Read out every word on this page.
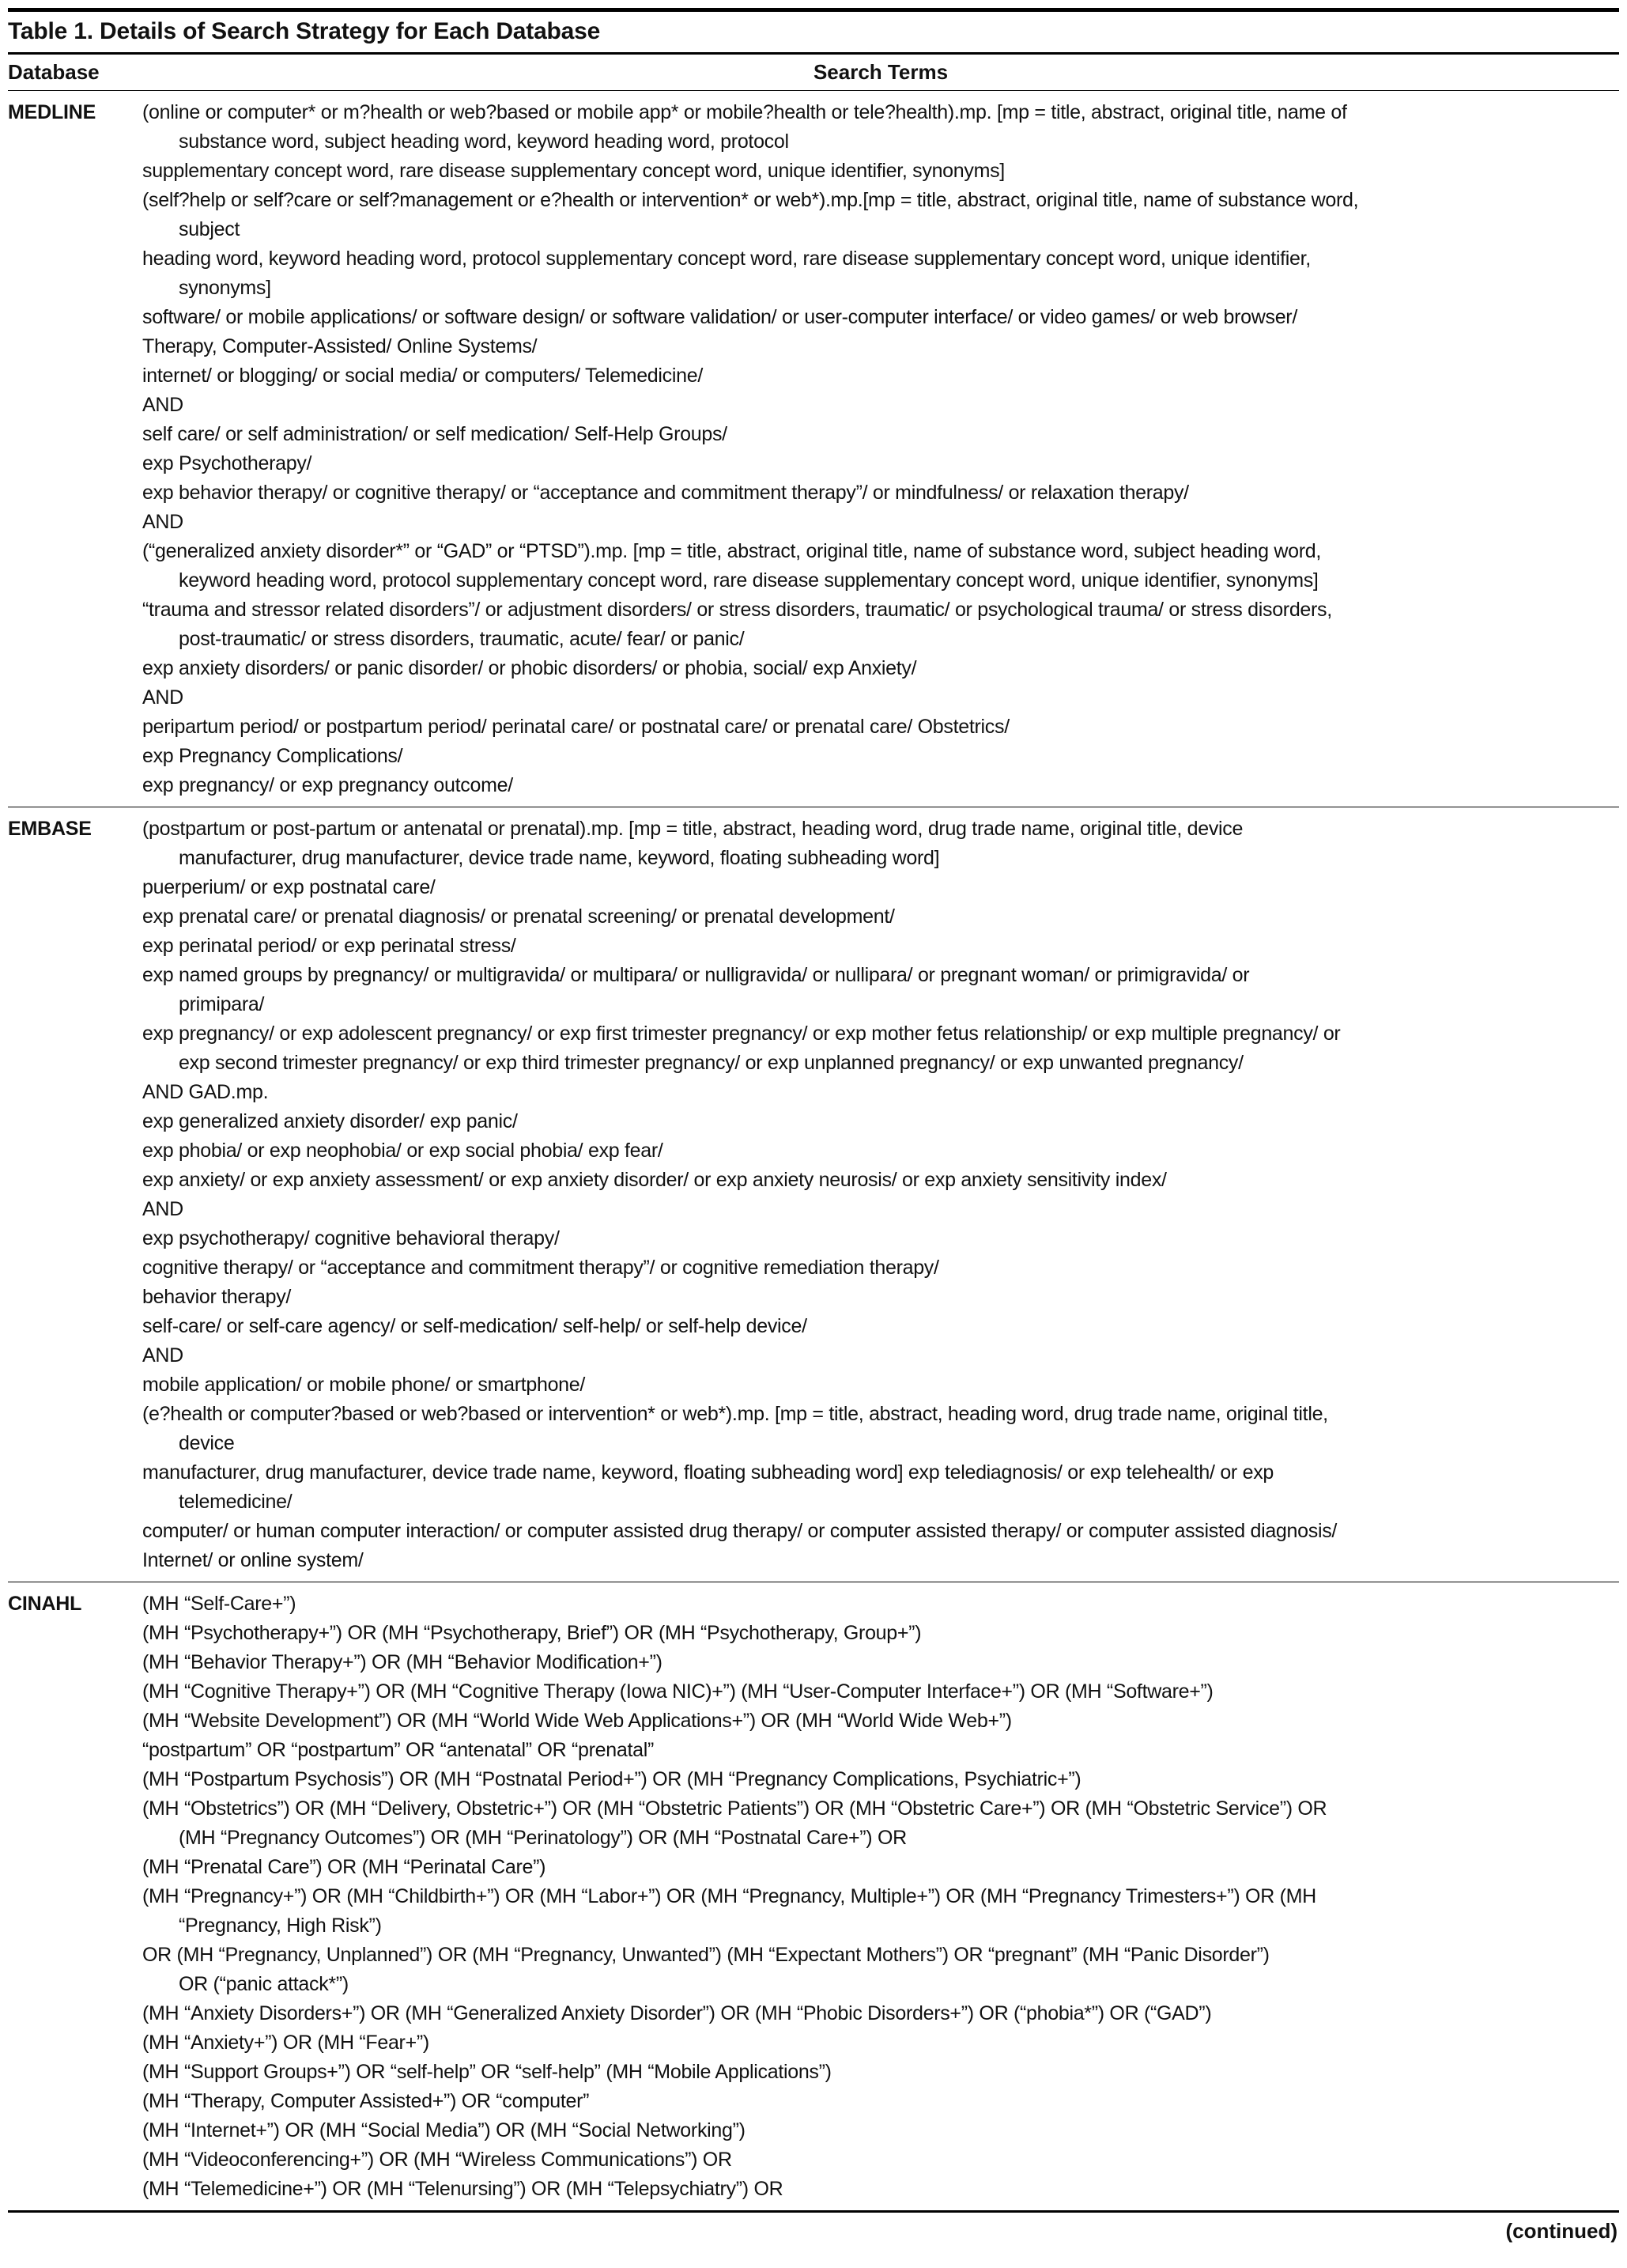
Table 1. Details of Search Strategy for Each Database
Database	Search Terms
MEDLINE	(online or computer* or m?health or web?based or mobile app* or mobile?health or tele?health).mp. [mp = title, abstract, original title, name of
substance word, subject heading word, keyword heading word, protocol
supplementary concept word, rare disease supplementary concept word, unique identifier, synonyms]
(self?help or self?care or self?management or e?health or intervention* or web*).mp.[mp = title, abstract, original title, name of substance word,
subject
heading word, keyword heading word, protocol supplementary concept word, rare disease supplementary concept word, unique identifier,
synonyms]
software/ or mobile applications/ or software design/ or software validation/ or user-computer interface/ or video games/ or web browser/
Therapy, Computer-Assisted/ Online Systems/
internet/ or blogging/ or social media/ or computers/ Telemedicine/
AND
self care/ or self administration/ or self medication/ Self-Help Groups/
exp Psychotherapy/
exp behavior therapy/ or cognitive therapy/ or “acceptance and commitment therapy”/ or mindfulness/ or relaxation therapy/
AND
(“generalized anxiety disorder*” or “GAD” or “PTSD”).mp. [mp = title, abstract, original title, name of substance word, subject heading word,
keyword heading word, protocol supplementary concept word, rare disease supplementary concept word, unique identifier, synonyms]
“trauma and stressor related disorders”/ or adjustment disorders/ or stress disorders, traumatic/ or psychological trauma/ or stress disorders,
post-traumatic/ or stress disorders, traumatic, acute/ fear/ or panic/
exp anxiety disorders/ or panic disorder/ or phobic disorders/ or phobia, social/ exp Anxiety/
AND
peripartum period/ or postpartum period/ perinatal care/ or postnatal care/ or prenatal care/ Obstetrics/
exp Pregnancy Complications/
exp pregnancy/ or exp pregnancy outcome/
EMBASE	(postpartum or post-partum or antenatal or prenatal).mp. [mp = title, abstract, heading word, drug trade name, original title, device
manufacturer, drug manufacturer, device trade name, keyword, floating subheading word]
puerperium/ or exp postnatal care/
exp prenatal care/ or prenatal diagnosis/ or prenatal screening/ or prenatal development/
exp perinatal period/ or exp perinatal stress/
exp named groups by pregnancy/ or multigravida/ or multipara/ or nulligravida/ or nullipara/ or pregnant woman/ or primigravida/ or
primipara/
exp pregnancy/ or exp adolescent pregnancy/ or exp first trimester pregnancy/ or exp mother fetus relationship/ or exp multiple pregnancy/ or
exp second trimester pregnancy/ or exp third trimester pregnancy/ or exp unplanned pregnancy/ or exp unwanted pregnancy/
AND GAD.mp.
exp generalized anxiety disorder/ exp panic/
exp phobia/ or exp neophobia/ or exp social phobia/ exp fear/
exp anxiety/ or exp anxiety assessment/ or exp anxiety disorder/ or exp anxiety neurosis/ or exp anxiety sensitivity index/
AND
exp psychotherapy/ cognitive behavioral therapy/
cognitive therapy/ or “acceptance and commitment therapy”/ or cognitive remediation therapy/
behavior therapy/
self-care/ or self-care agency/ or self-medication/ self-help/ or self-help device/
AND
mobile application/ or mobile phone/ or smartphone/
(e?health or computer?based or web?based or intervention* or web*).mp. [mp = title, abstract, heading word, drug trade name, original title,
device
manufacturer, drug manufacturer, device trade name, keyword, floating subheading word] exp telediagnosis/ or exp telehealth/ or exp
telemedicine/
computer/ or human computer interaction/ or computer assisted drug therapy/ or computer assisted therapy/ or computer assisted diagnosis/
Internet/ or online system/
CINAHL	(MH “Self-Care+”)
(MH “Psychotherapy+”) OR (MH “Psychotherapy, Brief”) OR (MH “Psychotherapy, Group+”)
(MH “Behavior Therapy+”) OR (MH “Behavior Modification+”)
(MH “Cognitive Therapy+”) OR (MH “Cognitive Therapy (Iowa NIC)+”) (MH “User-Computer Interface+”) OR (MH “Software+”)
(MH “Website Development”) OR (MH “World Wide Web Applications+”) OR (MH “World Wide Web+”)
“postpartum” OR “postpartum” OR “antenatal” OR “prenatal”
(MH “Postpartum Psychosis”) OR (MH “Postnatal Period+”) OR (MH “Pregnancy Complications, Psychiatric+”)
(MH “Obstetrics”) OR (MH “Delivery, Obstetric+”) OR (MH “Obstetric Patients”) OR (MH “Obstetric Care+”) OR (MH “Obstetric Service”) OR
(MH “Pregnancy Outcomes”) OR (MH “Perinatology”) OR (MH “Postnatal Care+”) OR
(MH “Prenatal Care”) OR (MH “Perinatal Care”)
(MH “Pregnancy+”) OR (MH “Childbirth+”) OR (MH “Labor+”) OR (MH “Pregnancy, Multiple+”) OR (MH “Pregnancy Trimesters+”) OR (MH
“Pregnancy, High Risk”)
OR (MH “Pregnancy, Unplanned”) OR (MH “Pregnancy, Unwanted”) (MH “Expectant Mothers”) OR “pregnant” (MH “Panic Disorder”)
OR (“panic attack*”)
(MH “Anxiety Disorders+”) OR (MH “Generalized Anxiety Disorder”) OR (MH “Phobic Disorders+”) OR (“phobia*”) OR (“GAD”)
(MH “Anxiety+”) OR (MH “Fear+”)
(MH “Support Groups+”) OR “self-help” OR “self-help” (MH “Mobile Applications”)
(MH “Therapy, Computer Assisted+”) OR “computer”
(MH “Internet+”) OR (MH “Social Media”) OR (MH “Social Networking”)
(MH “Videoconferencing+”) OR (MH “Wireless Communications”) OR
(MH “Telemedicine+”) OR (MH “Telenursing”) OR (MH “Telepsychiatry”) OR
(continued)
